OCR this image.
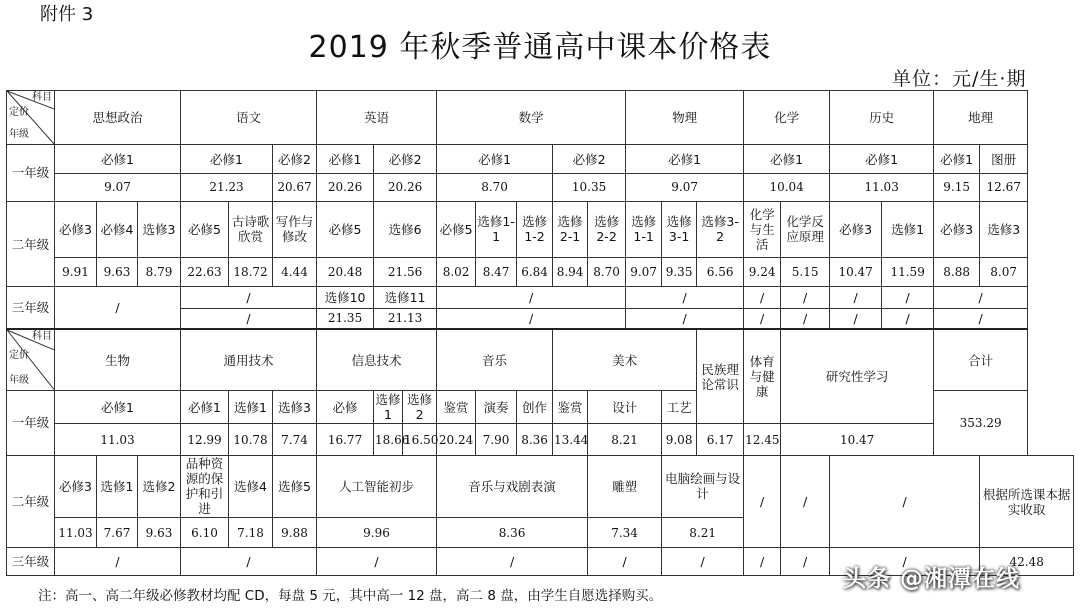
附件 3
2019 年秋季普通高中课本价格表
单位：元/生·期
科目
定价
年级	思想政治			语文			英语			数学					物理			化学		历史		地理	
一年级	必修1			必修1		必修2	必修1	必修2		必修1			必修2		必修1			必修1		必修1		必修1	图册
	9.07			21.23		20.67	20.26	20.26		8.70			10.35		9.07			10.04		11.03		9.15	12.67
二年级	必修3	必修4	选修3	必修5	古诗歌欣赏	写作与修改	必修5	选修6		必修5	选修1-1	选修1-2	选修2-1	选修2-2	选修1-1	选修3-1	选修3-2	化学与生活	化学反应原理	必修3	选修1	必修3	选修3
	9.91	9.63	8.79	22.63	18.72	4.44	20.48	21.56		8.02	8.47	6.84	8.94	8.70	9.07	9.35	6.56	9.24	5.15	10.47	11.59	8.88	8.07
三年级	/			/			选修10	选修11		/					/			/	/	/	/	/	
				/			21.35	21.13		/					/			/	/	/	/	/	

科目
定价
年级	生物			通用技术			信息技术			音乐			美术				民族理论常识	体育与健康	研究性学习			合计	
一年级	必修1			必修1	选修1	选修3	必修	选修1	选修2	鉴赏	演奏	创作	鉴赏	设计		工艺						353.29	
	11.03			12.99	10.78	7.74	16.77	18.66	16.50	20.24	7.90	8.36	13.44	8.21		9.08	6.17	12.45	10.47				
二年级	必修3	选修1	选修2	品种资源的保护和引进	选修4	选修5	人工智能初步			音乐与戏剧表演				雕塑		电脑绘画与设计		/	/	/			根据所选课本据实收取
	11.03	7.67	9.63	6.10	7.18	9.88	9.96			8.36				7.34		8.21							
三年级	/			/			/			/				/		/		/	/	/			42.48
注：高一、高二年级必修教材均配 CD，每盘 5 元，其中高一 12 盘，高二 8 盘，由学生自愿选择购买。
头条 @湘潭在线
